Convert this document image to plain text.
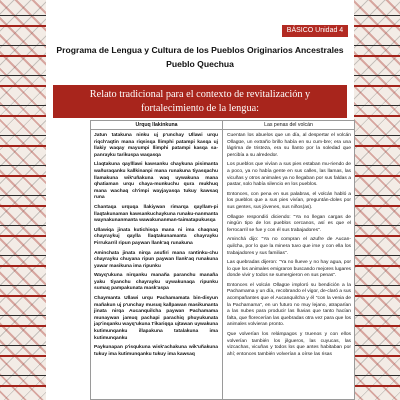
BÁSICO Unidad 4
Programa de Lengua y Cultura de los Pueblos Originarios Ancestrales
Pueblo Quechua
Relato tradicional para el contexto de revitalización y
fortalecimiento de la lengua:
Urquq llakinkuna

Jatun tatakuna ninku uj p'unchay Ullawi urqu riqch'aqtin mana riqsisqa llimphi patampi kasqa uj llakiy waqay mayumpi llimphi patampi kasqa sa-panrayku tarikuspa waqasqa

Llaqtakuna qaylllawi kawsanku chaykuna pisimanta wañuraqanku kallkinanpi mana runakuna tiyasqachu llamakuna wik'uñakuna waq uywakuna mana qhatiaman urqu chaya-munkuchu qura mukhuq mana wachaq ch'impi wayjayasqa tukuy kawsaq runa

Chantaqa urquqa llakiywan rimarqa qayllam-pi llaqtakunaman kawsankuchaykuna runaku-nanmanta waynakunanmanta wawakunanman-taimatapukusqa

Ullawiqa jinata kutichisqa mana ni ima chaqnaq chayraykuj qaylla llaqtakunamanta chayrayku Firrukarril ripun paywan llank'aq runakuna

Aminchata jinata nirqa asufiri mana rantinku-chu chayrayku chuyana ripun paywan llank'aq runakuna yawar masikuna ima ripunku

Wayq'ukuna nirqanku manaña paranchu manaña yaku tiyanchu chayrayku uywakunaqa ripunku sumaq pampakunata mask'aspa

Chaymanta Ullawi urqu Pachamamata bin-disyun mañakun uj p'unchay musuq kallpawan masikunanta jinata nirqa Aucanquilcha paywan Pachamama munaywan jamuq pachapi parachiq phuyukunata jap'inqanku wayq'ukuna t'ikariqqa ujtawan uywakuna kutimunqanku illapakuna tatalakuna ima kutimunqanku

Paykunapan p'isqukuna wisk'achakuna wik'uñakuna tukuy ima kutimunqanku tukuy ima kawsaq

Las penas del volcán

Cuentan los abuelos que un día, al despertar el volcán Ollagüe, un extraño brillo había en su cum-bre; era una lágrima de tristeza, era su llanto por la soledad que percibía a su alrededor.

Los pueblos que vivían a sus pies estaban mu-riendo de a poco, ya no había gente en sus calles, las llamas, las vicuñas y otros animales ya no llegaban por sus faldas a pastar, solo había silencio en los pueblos.

Entonces, con pena en sus palabras, el volcán habló a los pueblos que a sus pies vivían, preguntán-doles por sus gentes, sus jóvenes, sus niños(as).

Ollagüe respondió diciendo: "Ya no llegan cargas de ningún tipo de los pueblos cercanos, así es que el ferrocarril se fue y con él sus trabajadores".

Aminchá dijo: "Ya no compran el azufre de Aucan-quilcha, por lo que la minera tuvo que irse y con ella los trabajadores y sus familias".

Las quebradas dijeron: "Ya no llueve y no hay agua, por lo que los animales emigraron buscando mejores lugares donde vivir y todos se sumergieron en sus penas".

Entonces el volcán Ollagüe imploró su bendición a la Pachamama y un día, recobrando el vigor, de-claró a sus acompañantes que el Aucanquilcha y él "con la venia de la Pachamama", en un futuro no muy lejano, atraparían a las nubes para producir las lluvias que tanto hacían falta, que florecerían las quebradas otra vez para que los animales volvieran pronto.

Que volverían los relámpagos y truenos y con ellos volverían también los jilgueros, las cuyucas, las vizcachas, vicuñas y todos los que antes habitaban por ahí; entonces también volverían a oírse las risas
